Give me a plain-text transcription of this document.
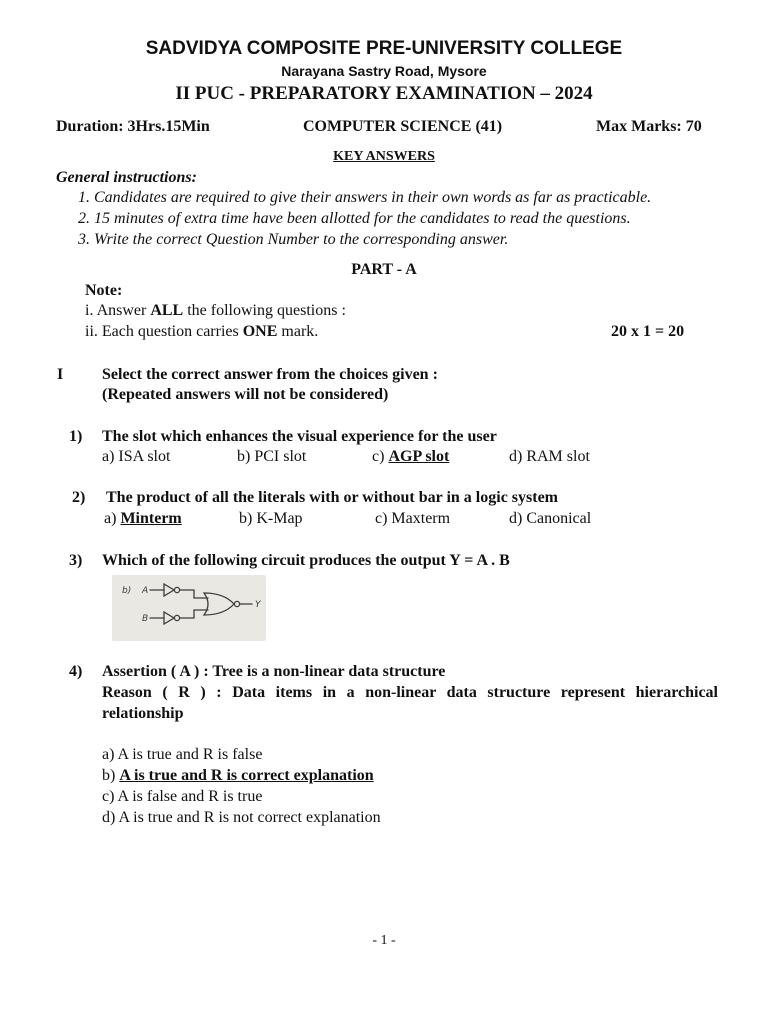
SADVIDYA COMPOSITE PRE-UNIVERSITY COLLEGE
Narayana Sastry Road, Mysore
II PUC - PREPARATORY EXAMINATION – 2024
Duration: 3Hrs.15Min	COMPUTER SCIENCE (41)	Max Marks: 70
KEY ANSWERS
General instructions:
1. Candidates are required to give their answers in their own words as far as practicable.
2. 15 minutes of extra time have been allotted for the candidates to read the questions.
3. Write the correct Question Number to the corresponding answer.
PART - A
Note:
i. Answer ALL the following questions :
ii. Each question carries ONE mark.	20 x 1 = 20
I Select the correct answer from the choices given :
(Repeated answers will not be considered)
1) The slot which enhances the visual experience for the user
a) ISA slot	b) PCI slot	c) AGP slot	d) RAM slot
2) The product of all the literals with or without bar in a logic system
a) Minterm	b) K-Map	c) Maxterm	d) Canonical
3) Which of the following circuit produces the output Y = A . B
b) A
B
Y
4) Assertion ( A ) : Tree is a non-linear data structure
Reason ( R ) : Data items in a non-linear data structure represent hierarchical
relationship
a) A is true and R is false
b) A is true and R is correct explanation
c) A is false and R is true
d) A is true and R is not correct explanation
- 1 -
